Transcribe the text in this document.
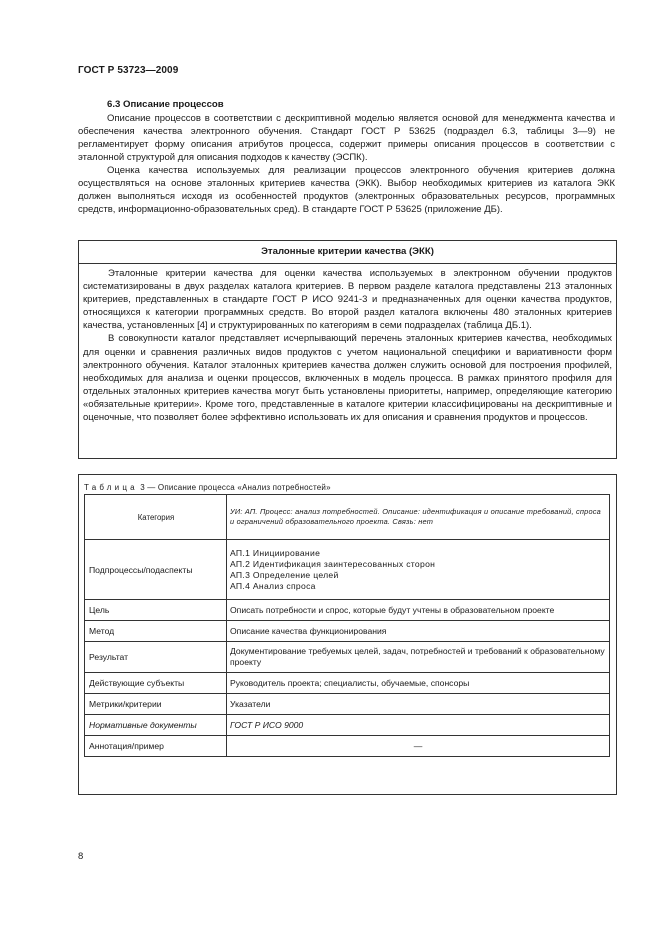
ГОСТ Р 53723—2009
6.3 Описание процессов

Описание процессов в соответствии с дескриптивной моделью является основой для менеджмента качества и обеспечения качества электронного обучения. Стандарт ГОСТ Р 53625 (подраздел 6.3, таблицы 3—9) не регламентирует форму описания атрибутов процесса, содержит примеры описания процессов в соответствии с эталонной структурой для описания подходов к качеству (ЭСПК).

Оценка качества используемых для реализации процессов электронного обучения критериев должна осуществляться на основе эталонных критериев качества (ЭКК). Выбор необходимых критериев из каталога ЭКК должен выполняться исходя из особенностей продуктов (электронных образовательных ресурсов, программных средств, информационно-образовательных сред). В стандарте ГОСТ Р 53625 (приложение ДБ).

Эталонные критерии качества (ЭКК)

Эталонные критерии качества для оценки качества используемых в электронном обучении продуктов систематизированы в двух разделах каталога критериев. В первом разделе каталога представлены 213 эталонных критериев, представленных в стандарте ГОСТ Р ИСО 9241-3 и предназначенных для оценки качества продуктов, относящихся к категории программных средств. Во второй раздел каталога включены 480 эталонных критериев качества, установленных [4] и структурированных по категориям в семи подразделах (таблица ДБ.1).

В совокупности каталог представляет исчерпывающий перечень эталонных критериев качества, необходимых для оценки и сравнения различных видов продуктов с учетом национальной специфики и вариативности форм электронного обучения. Каталог эталонных критериев качества должен служить основой для построения профилей, необходимых для анализа и оценки процессов, включенных в модель процесса. В рамках принятого профиля для отдельных эталонных критериев качества могут быть установлены приоритеты, например, определяющие категорию «обязательные критерии». Кроме того, представленные в каталоге критерии классифицированы на дескриптивные и оценочные, что позволяет более эффективно использовать их для описания и сравнения продуктов и процессов.

Таблица 3 — Описание процесса «Анализ потребностей»
Категория	УИ: АП. Процесс: анализ потребностей. Описание: идентификация и описание требований, спроса и ограничений образовательного проекта. Связь: нет
Подпроцессы/подаспекты	АП.1 Инициирование
АП.2 Идентификация заинтересованных сторон
АП.3 Определение целей
АП.4 Анализ спроса

Цель	Описать потребности и спрос, которые будут учтены в образовательном проекте
Метод	Описание качества функционирования
Результат	Документирование требуемых целей, задач, потребностей и требований к образовательному проекту
Действующие субъекты	Руководитель проекта; специалисты, обучаемые, спонсоры
Метрики/критерии	Указатели
Нормативные документы	ГОСТ Р ИСО 9000
Аннотация/пример	—
8
